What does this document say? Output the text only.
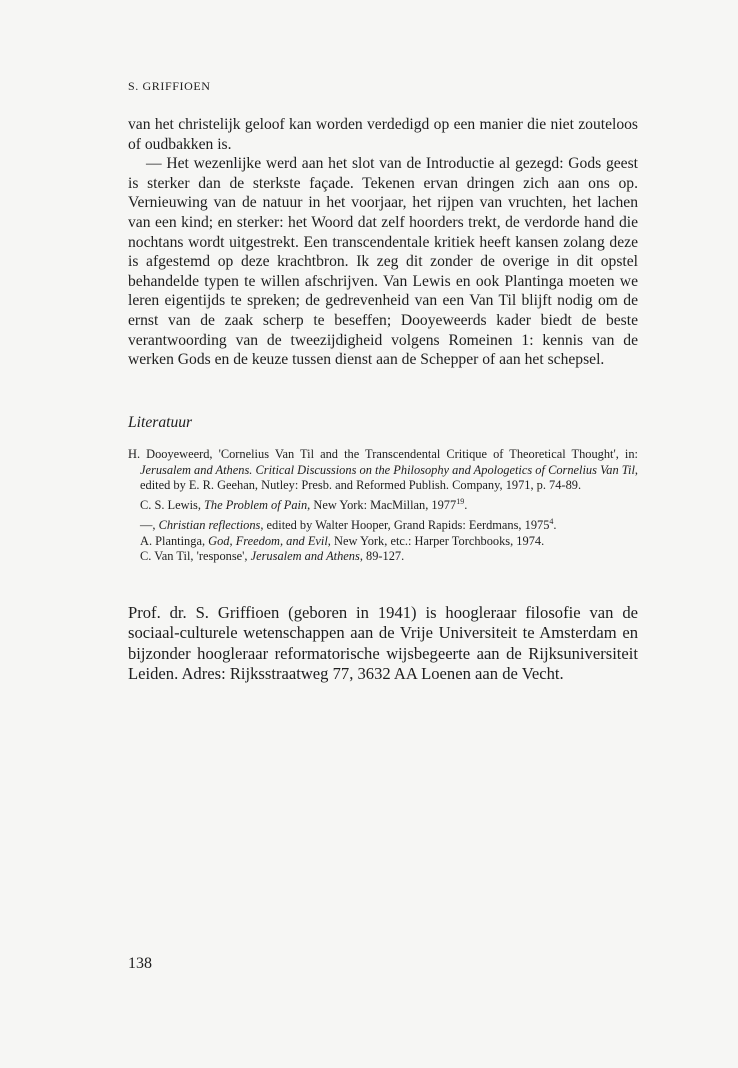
S. GRIFFIOEN

van het christelijk geloof kan worden verdedigd op een manier die niet zouteloos of oudbakken is.

— Het wezenlijke werd aan het slot van de Introductie al gezegd: Gods geest is sterker dan de sterkste façade. Tekenen ervan dringen zich aan ons op. Vernieuwing van de natuur in het voorjaar, het rijpen van vruchten, het lachen van een kind; en sterker: het Woord dat zelf hoorders trekt, de verdorde hand die nochtans wordt uitgestrekt. Een transcendentale kritiek heeft kansen zolang deze is afgestemd op deze krachtbron. Ik zeg dit zonder de overige in dit opstel behandelde typen te willen afschrijven. Van Lewis en ook Plantinga moeten we leren eigentijds te spreken; de gedrevenheid van een Van Til blijft nodig om de ernst van de zaak scherp te beseffen; Dooyeweerds kader biedt de beste verantwoording van de tweezijdigheid volgens Romeinen 1: kennis van de werken Gods en de keuze tussen dienst aan de Schepper of aan het schepsel.

Literatuur

H. Dooyeweerd, 'Cornelius Van Til and the Transcendental Critique of Theoretical Thought', in: Jerusalem and Athens. Critical Discussions on the Philosophy and Apologetics of Cornelius Van Til, edited by E. R. Geehan, Nutley: Presb. and Reformed Publish. Company, 1971, p. 74-89.

C. S. Lewis, The Problem of Pain, New York: MacMillan, 1977$^{19}$.

—, Christian reflections, edited by Walter Hooper, Grand Rapids: Eerdmans, 1975$^4$.

A. Plantinga, God, Freedom, and Evil, New York, etc.: Harper Torchbooks, 1974.

C. Van Til, 'response', Jerusalem and Athens, 89-127.

Prof. dr. S. Griffioen (geboren in 1941) is hoogleraar filosofie van de sociaal-culturele wetenschappen aan de Vrije Universiteit te Amsterdam en bijzonder hoogleraar reformatorische wijsbegeerte aan de Rijksuniversiteit Leiden. Adres: Rijksstraatweg 77, 3632 AA Loenen aan de Vecht.
138
